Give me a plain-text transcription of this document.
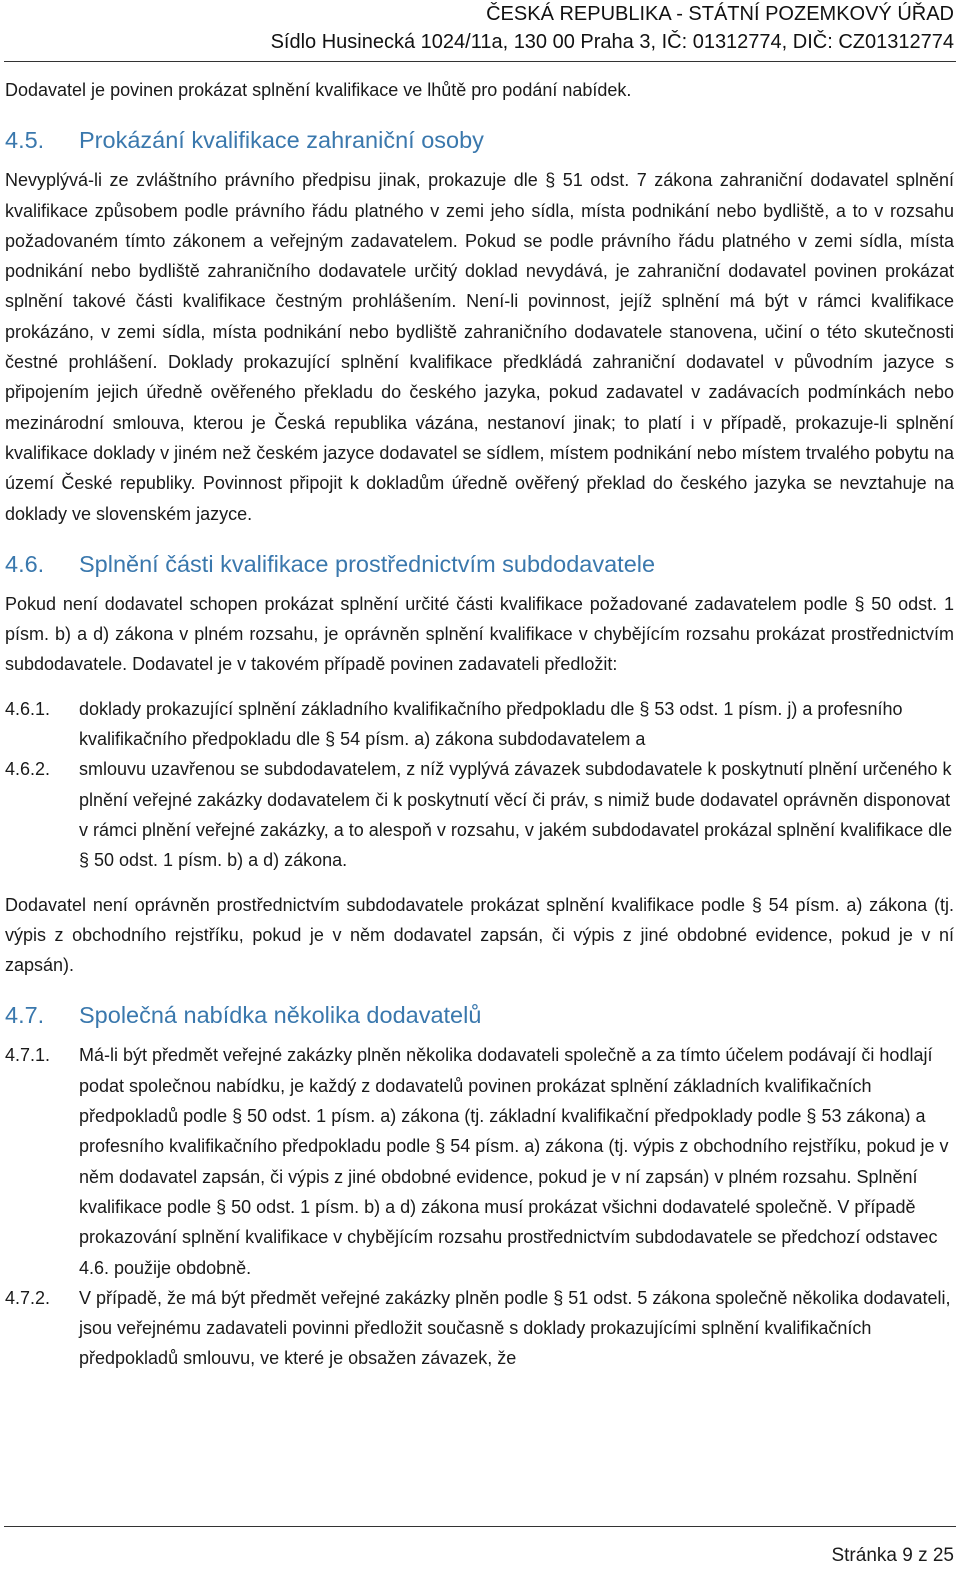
ČESKÁ REPUBLIKA - STÁTNÍ POZEMKOVÝ ÚŘAD
Sídlo Husinecká 1024/11a, 130 00 Praha 3, IČ: 01312774, DIČ: CZ01312774

Dodavatel je povinen prokázat splnění kvalifikace ve lhůtě pro podání nabídek.

4.5.	Prokázání kvalifikace zahraniční osoby

Nevyplývá-li ze zvláštního právního předpisu jinak, prokazuje dle § 51 odst. 7 zákona zahraniční dodavatel splnění kvalifikace způsobem podle právního řádu platného v zemi jeho sídla, místa podnikání nebo bydliště, a to v rozsahu požadovaném tímto zákonem a veřejným zadavatelem. Pokud se podle právního řádu platného v zemi sídla, místa podnikání nebo bydliště zahraničního dodavatele určitý doklad nevydává, je zahraniční dodavatel povinen prokázat splnění takové části kvalifikace čestným prohlášením. Není-li povinnost, jejíž splnění má být v rámci kvalifikace prokázáno, v zemi sídla, místa podnikání nebo bydliště zahraničního dodavatele stanovena, učiní o této skutečnosti čestné prohlášení. Doklady prokazující splnění kvalifikace předkládá zahraniční dodavatel v původním jazyce s připojením jejich úředně ověřeného překladu do českého jazyka, pokud zadavatel v zadávacích podmínkách nebo mezinárodní smlouva, kterou je Česká republika vázána, nestanoví jinak; to platí i v případě, prokazuje-li splnění kvalifikace doklady v jiném než českém jazyce dodavatel se sídlem, místem podnikání nebo místem trvalého pobytu na území České republiky. Povinnost připojit k dokladům úředně ověřený překlad do českého jazyka se nevztahuje na doklady ve slovenském jazyce.

4.6.	Splnění části kvalifikace prostřednictvím subdodavatele

Pokud není dodavatel schopen prokázat splnění určité části kvalifikace požadované zadavatelem podle § 50 odst. 1 písm. b) a d) zákona v plném rozsahu, je oprávněn splnění kvalifikace v chybějícím rozsahu prokázat prostřednictvím subdodavatele. Dodavatel je v takovém případě povinen zadavateli předložit:

4.6.1.	doklady prokazující splnění základního kvalifikačního předpokladu dle § 53 odst. 1 písm. j) a profesního kvalifikačního předpokladu dle § 54 písm. a) zákona subdodavatelem a
4.6.2.	smlouvu uzavřenou se subdodavatelem, z níž vyplývá závazek subdodavatele k poskytnutí plnění určeného k plnění veřejné zakázky dodavatelem či k poskytnutí věcí či práv, s nimiž bude dodavatel oprávněn disponovat v rámci plnění veřejné zakázky, a to alespoň v rozsahu, v jakém subdodavatel prokázal splnění kvalifikace dle § 50 odst. 1 písm. b) a d) zákona.

Dodavatel není oprávněn prostřednictvím subdodavatele prokázat splnění kvalifikace podle § 54 písm. a) zákona (tj. výpis z obchodního rejstříku, pokud je v něm dodavatel zapsán, či výpis z jiné obdobné evidence, pokud je v ní zapsán).

4.7.	Společná nabídka několika dodavatelů
4.7.1.	Má-li být předmět veřejné zakázky plněn několika dodavateli společně a za tímto účelem podávají či hodlají podat společnou nabídku, je každý z dodavatelů povinen prokázat splnění základních kvalifikačních předpokladů podle § 50 odst. 1 písm. a) zákona (tj. základní kvalifikační předpoklady podle § 53 zákona) a profesního kvalifikačního předpokladu podle § 54 písm. a) zákona (tj. výpis z obchodního rejstříku, pokud je v něm dodavatel zapsán, či výpis z jiné obdobné evidence, pokud je v ní zapsán) v plném rozsahu. Splnění kvalifikace podle § 50 odst. 1 písm. b) a d) zákona musí prokázat všichni dodavatelé společně. V případě prokazování splnění kvalifikace v chybějícím rozsahu prostřednictvím subdodavatele se předchozí odstavec 4.6. použije obdobně.
4.7.2.	V případě, že má být předmět veřejné zakázky plněn podle § 51 odst. 5 zákona společně několika dodavateli, jsou veřejnému zadavateli povinni předložit současně s doklady prokazujícími splnění kvalifikačních předpokladů smlouvu, ve které je obsažen závazek, že
Stránka 9 z 25
